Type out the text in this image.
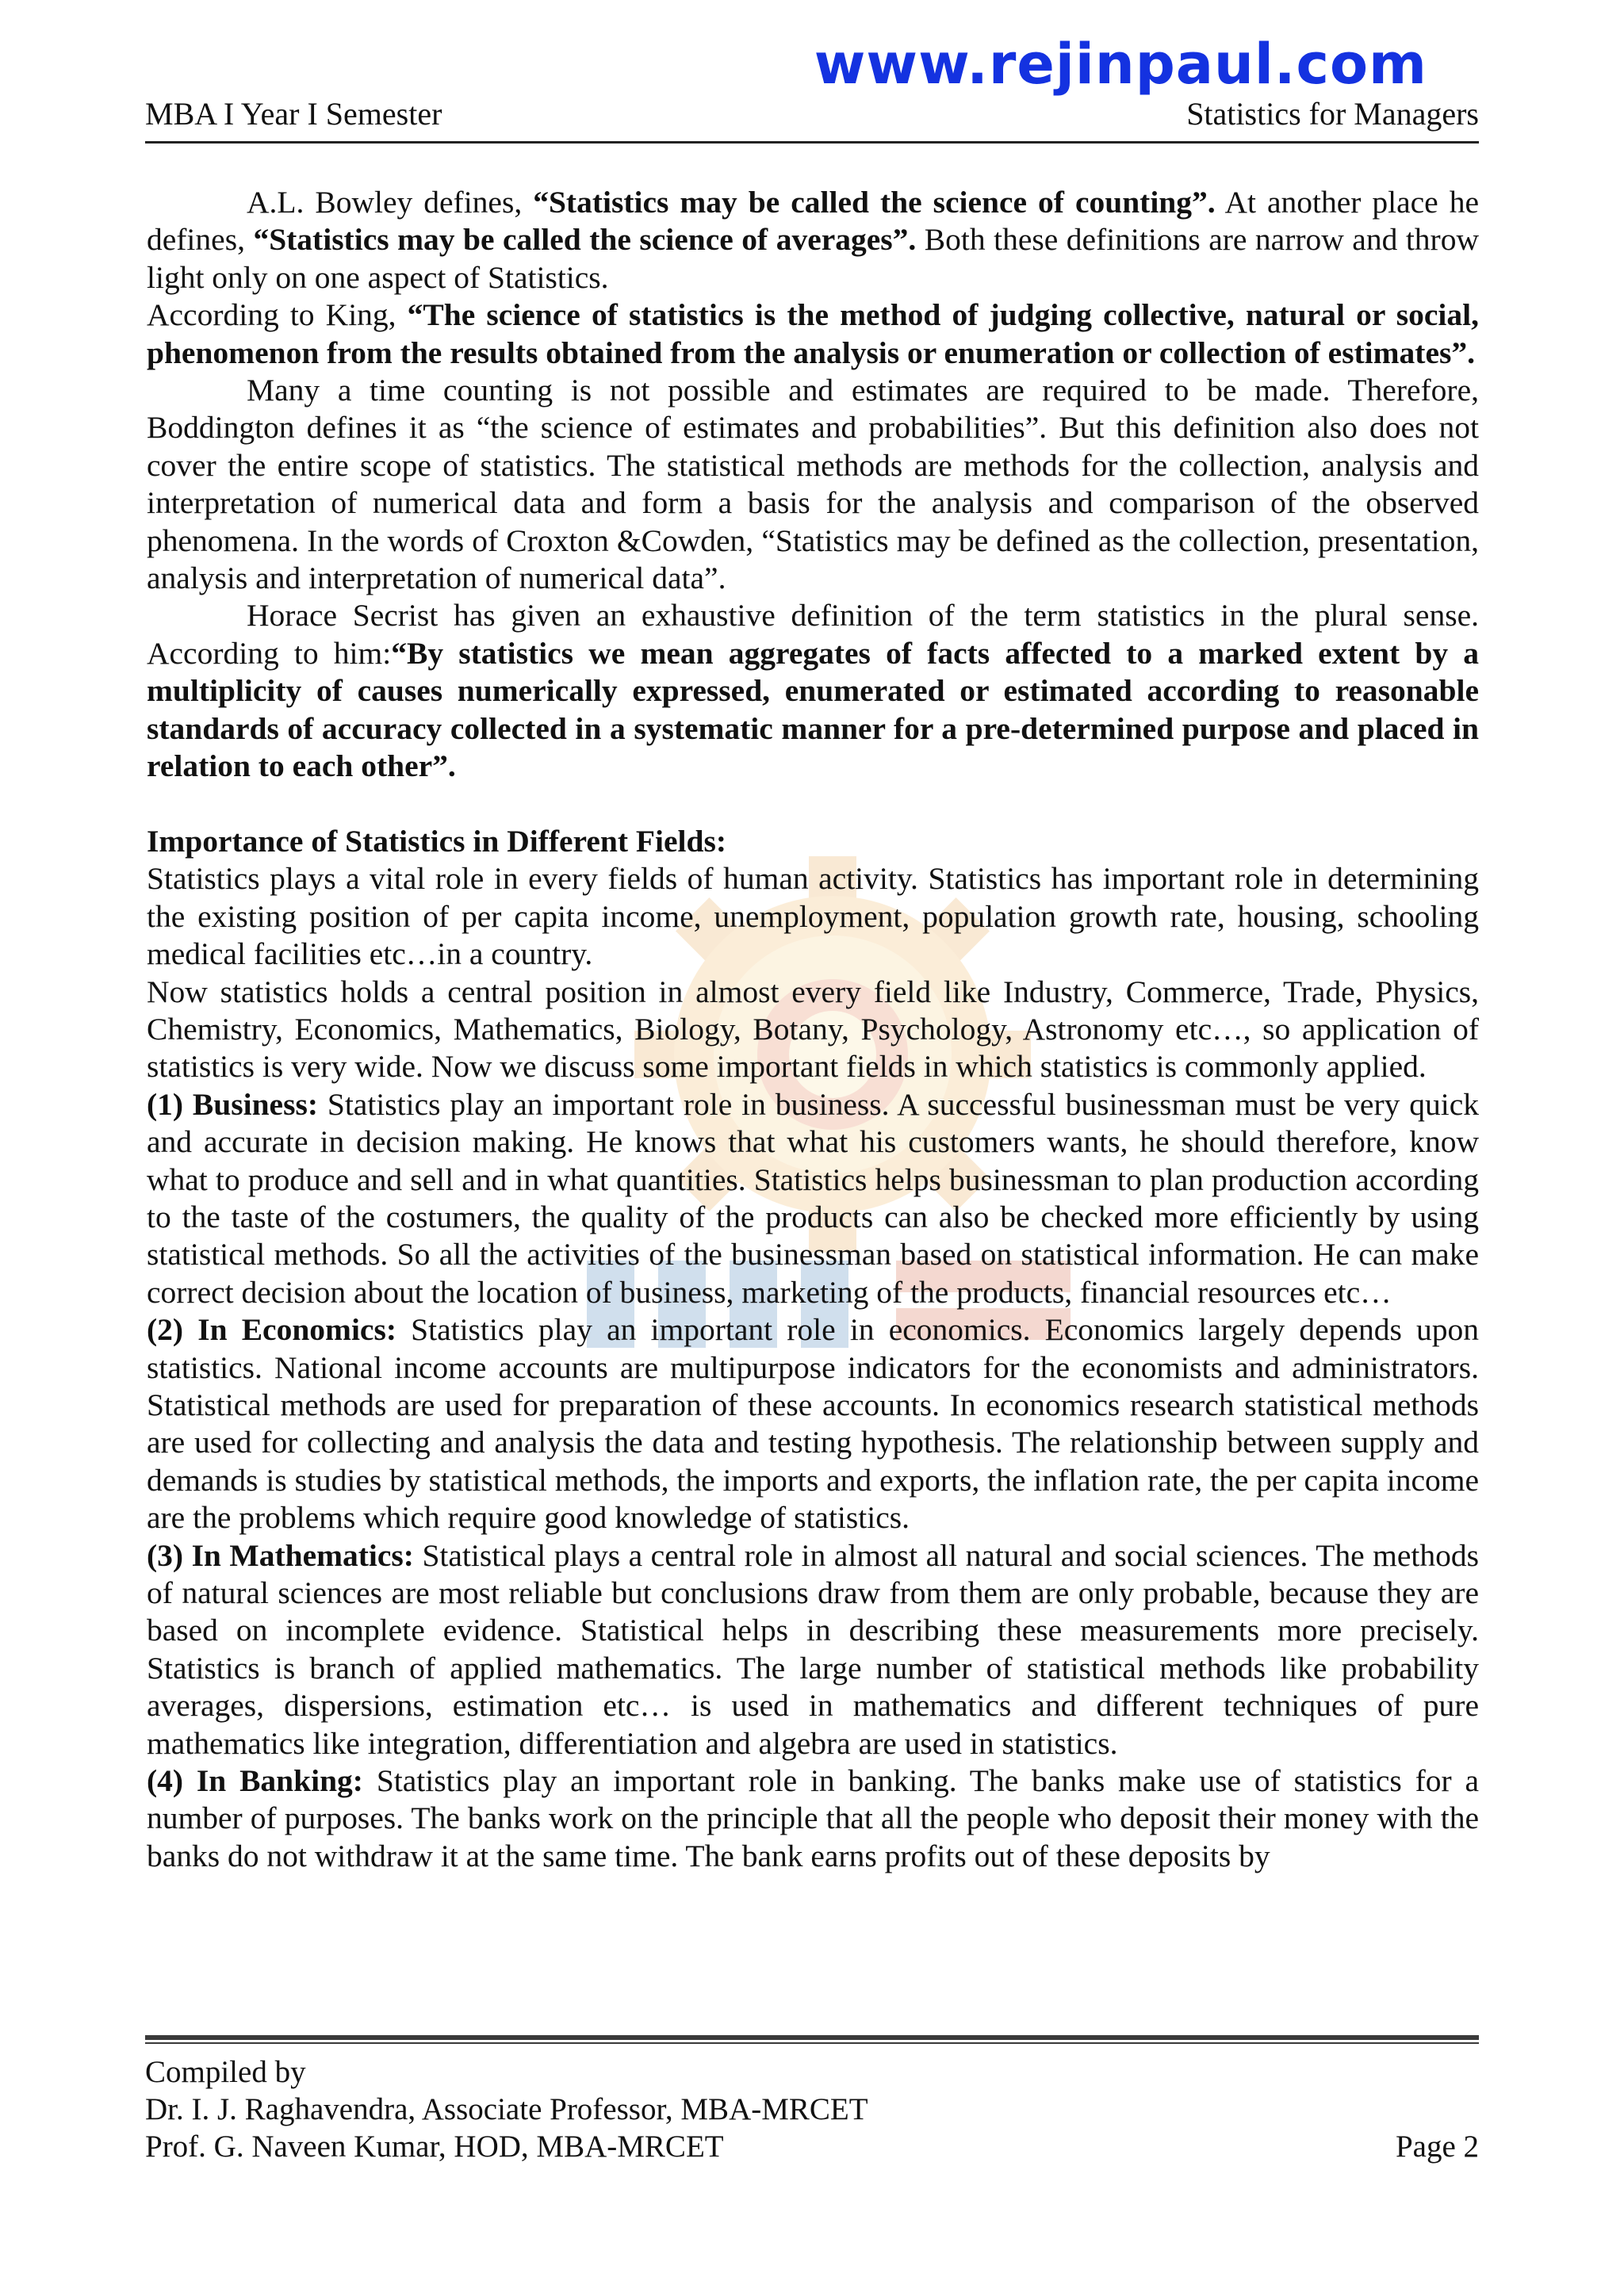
www.rejinpaul.com
MBA I Year I Semester	Statistics for Managers

A.L. Bowley defines, “Statistics may be called the science of counting”. At another place he defines, “Statistics may be called the science of averages”. Both these definitions are narrow and throw light only on one aspect of Statistics.

According to King, “The science of statistics is the method of judging collective, natural or social, phenomenon from the results obtained from the analysis or enumeration or collection of estimates”.

Many a time counting is not possible and estimates are required to be made. Therefore, Boddington defines it as “the science of estimates and probabilities”. But this definition also does not cover the entire scope of statistics. The statistical methods are methods for the collection, analysis and interpretation of numerical data and form a basis for the analysis and comparison of the observed phenomena. In the words of Croxton &Cowden, “Statistics may be defined as the collection, presentation, analysis and interpretation of numerical data”.

Horace Secrist has given an exhaustive definition of the term statistics in the plural sense. According to him:“By statistics we mean aggregates of facts affected to a marked extent by a multiplicity of causes numerically expressed, enumerated or estimated according to reasonable standards of accuracy collected in a systematic manner for a pre-determined purpose and placed in relation to each other”.

Importance of Statistics in Different Fields:

Statistics plays a vital role in every fields of human activity. Statistics has important role in determining the existing position of per capita income, unemployment, population growth rate, housing, schooling medical facilities etc…in a country.

Now statistics holds a central position in almost every field like Industry, Commerce, Trade, Physics, Chemistry, Economics, Mathematics, Biology, Botany, Psychology, Astronomy etc…, so application of statistics is very wide. Now we discuss some important fields in which statistics is commonly applied.

(1) Business: Statistics play an important role in business. A successful businessman must be very quick and accurate in decision making. He knows that what his customers wants, he should therefore, know what to produce and sell and in what quantities. Statistics helps businessman to plan production according to the taste of the costumers, the quality of the products can also be checked more efficiently by using statistical methods. So all the activities of the businessman based on statistical information. He can make correct decision about the location of business, marketing of the products, financial resources etc…

(2) In Economics: Statistics play an important role in economics. Economics largely depends upon statistics. National income accounts are multipurpose indicators for the economists and administrators. Statistical methods are used for preparation of these accounts. In economics research statistical methods are used for collecting and analysis the data and testing hypothesis. The relationship between supply and demands is studies by statistical methods, the imports and exports, the inflation rate, the per capita income are the problems which require good knowledge of statistics.

(3) In Mathematics: Statistical plays a central role in almost all natural and social sciences. The methods of natural sciences are most reliable but conclusions draw from them are only probable, because they are based on incomplete evidence. Statistical helps in describing these measurements more precisely. Statistics is branch of applied mathematics. The large number of statistical methods like probability averages, dispersions, estimation etc… is used in mathematics and different techniques of pure mathematics like integration, differentiation and algebra are used in statistics.

(4) In Banking: Statistics play an important role in banking. The banks make use of statistics for a number of purposes. The banks work on the principle that all the people who deposit their money with the banks do not withdraw it at the same time. The bank earns profits out of these deposits by

Compiled by
Dr. I. J. Raghavendra, Associate Professor, MBA-MRCET
Prof. G. Naveen Kumar, HOD, MBA-MRCET	Page 2
